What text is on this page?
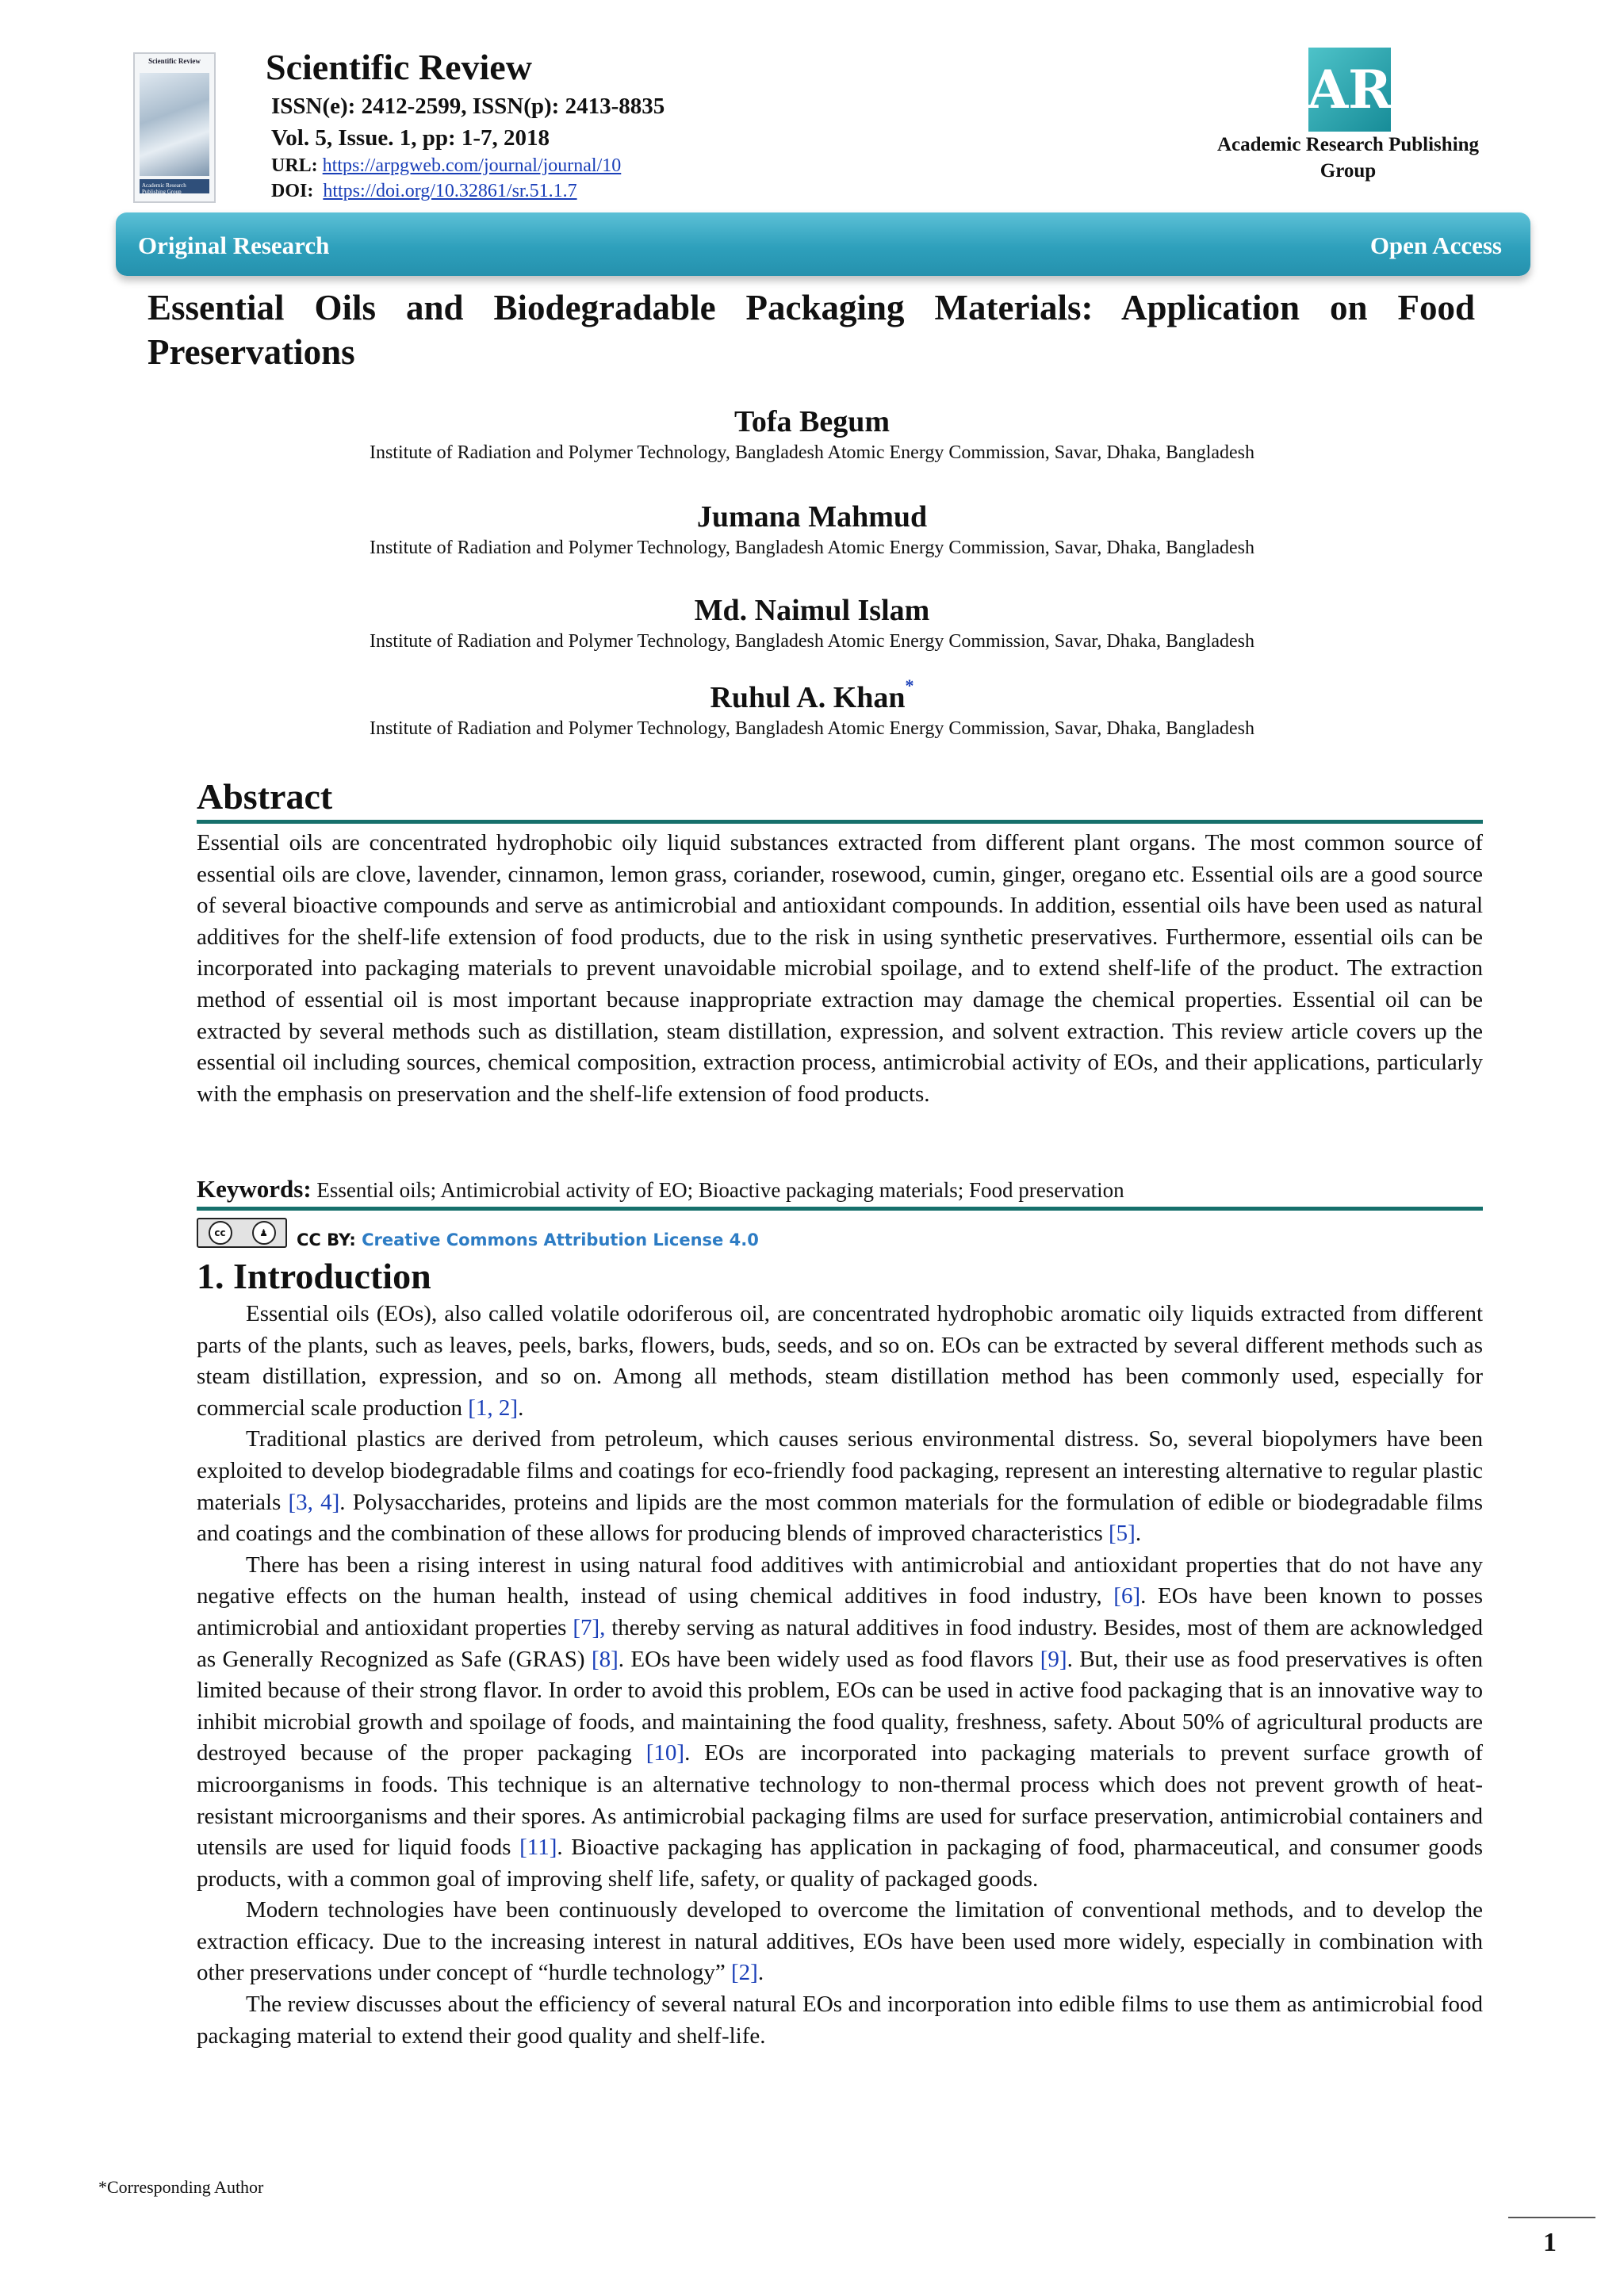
Scientific Review
Academic Research Publishing Group
Scientific Review
ISSN(e): 2412-2599, ISSN(p): 2413-8835
Vol. 5, Issue. 1, pp: 1-7, 2018
URL: https://arpgweb.com/journal/journal/10
DOI: https://doi.org/10.32861/sr.51.1.7
AR
Academic Research Publishing Group
Original Research	Open Access
Essential Oils and Biodegradable Packaging Materials: Application on Food Preservations
Tofa Begum
Institute of Radiation and Polymer Technology, Bangladesh Atomic Energy Commission, Savar, Dhaka, Bangladesh
Jumana Mahmud
Institute of Radiation and Polymer Technology, Bangladesh Atomic Energy Commission, Savar, Dhaka, Bangladesh
Md. Naimul Islam
Institute of Radiation and Polymer Technology, Bangladesh Atomic Energy Commission, Savar, Dhaka, Bangladesh
Ruhul A. Khan*
Institute of Radiation and Polymer Technology, Bangladesh Atomic Energy Commission, Savar, Dhaka, Bangladesh
Abstract

Essential oils are concentrated hydrophobic oily liquid substances extracted from different plant organs. The most common source of essential oils are clove, lavender, cinnamon, lemon grass, coriander, rosewood, cumin, ginger, oregano etc. Essential oils are a good source of several bioactive compounds and serve as antimicrobial and antioxidant compounds. In addition, essential oils have been used as natural additives for the shelf-life extension of food products, due to the risk in using synthetic preservatives. Furthermore, essential oils can be incorporated into packaging materials to prevent unavoidable microbial spoilage, and to extend shelf-life of the product. The extraction method of essential oil is most important because inappropriate extraction may damage the chemical properties. Essential oil can be extracted by several methods such as distillation, steam distillation, expression, and solvent extraction. This review article covers up the essential oil including sources, chemical composition, extraction process, antimicrobial activity of EOs, and their applications, particularly with the emphasis on preservation and the shelf-life extension of food products.

Keywords: Essential oils; Antimicrobial activity of EO; Bioactive packaging materials; Food preservation
cc	♟	CC BY: Creative Commons Attribution License 4.0
1. Introduction

Essential oils (EOs), also called volatile odoriferous oil, are concentrated hydrophobic aromatic oily liquids extracted from different parts of the plants, such as leaves, peels, barks, flowers, buds, seeds, and so on. EOs can be extracted by several different methods such as steam distillation, expression, and so on. Among all methods, steam distillation method has been commonly used, especially for commercial scale production [1, 2].

Traditional plastics are derived from petroleum, which causes serious environmental distress. So, several biopolymers have been exploited to develop biodegradable films and coatings for eco-friendly food packaging, represent an interesting alternative to regular plastic materials [3, 4]. Polysaccharides, proteins and lipids are the most common materials for the formulation of edible or biodegradable films and coatings and the combination of these allows for producing blends of improved characteristics [5].

There has been a rising interest in using natural food additives with antimicrobial and antioxidant properties that do not have any negative effects on the human health, instead of using chemical additives in food industry, [6]. EOs have been known to posses antimicrobial and antioxidant properties [7], thereby serving as natural additives in food industry. Besides, most of them are acknowledged as Generally Recognized as Safe (GRAS) [8]. EOs have been widely used as food flavors [9]. But, their use as food preservatives is often limited because of their strong flavor. In order to avoid this problem, EOs can be used in active food packaging that is an innovative way to inhibit microbial growth and spoilage of foods, and maintaining the food quality, freshness, safety. About 50% of agricultural products are destroyed because of the proper packaging [10]. EOs are incorporated into packaging materials to prevent surface growth of microorganisms in foods. This technique is an alternative technology to non-thermal process which does not prevent growth of heat-resistant microorganisms and their spores. As antimicrobial packaging films are used for surface preservation, antimicrobial containers and utensils are used for liquid foods [11]. Bioactive packaging has application in packaging of food, pharmaceutical, and consumer goods products, with a common goal of improving shelf life, safety, or quality of packaged goods.

Modern technologies have been continuously developed to overcome the limitation of conventional methods, and to develop the extraction efficacy. Due to the increasing interest in natural additives, EOs have been used more widely, especially in combination with other preservations under concept of “hurdle technology” [2].

The review discusses about the efficiency of several natural EOs and incorporation into edible films to use them as antimicrobial food packaging material to extend their good quality and shelf-life.

*Corresponding Author
1
